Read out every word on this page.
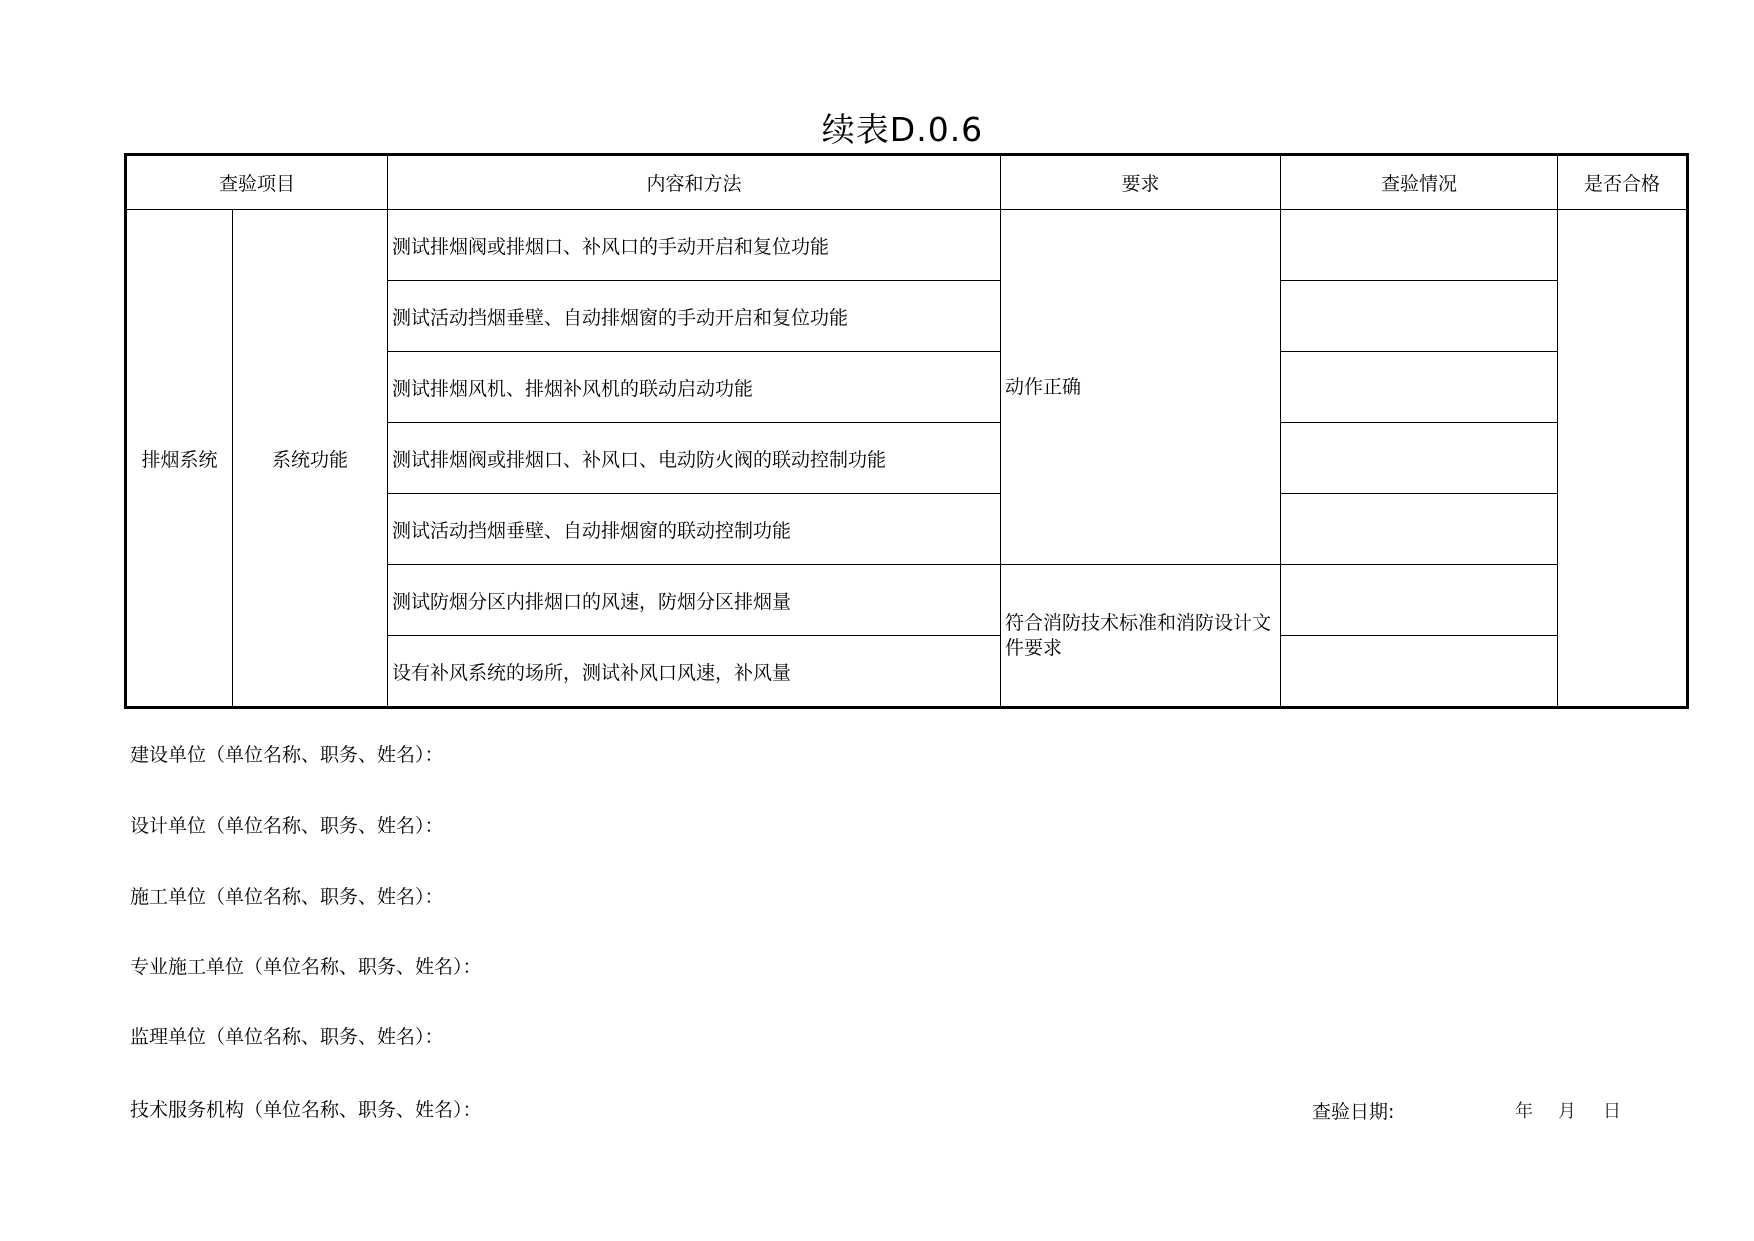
续表D.0.6
查验项目		内容和方法	要求	查验情况	是否合格
排烟系统	系统功能	测试排烟阀或排烟口、补风口的手动开启和复位功能	动作正确		
		测试活动挡烟垂壁、自动排烟窗的手动开启和复位功能			
		测试排烟风机、排烟补风机的联动启动功能			
		测试排烟阀或排烟口、补风口、电动防火阀的联动控制功能			
		测试活动挡烟垂壁、自动排烟窗的联动控制功能			
		测试防烟分区内排烟口的风速，防烟分区排烟量	符合消防技术标准和消防设计文件要求		
		设有补风系统的场所，测试补风口风速，补风量			
建设单位（单位名称、职务、姓名）：
设计单位（单位名称、职务、姓名）：
施工单位（单位名称、职务、姓名）：
专业施工单位（单位名称、职务、姓名）：
监理单位（单位名称、职务、姓名）：
技术服务机构（单位名称、职务、姓名）：	查验日期:	年 月 日
